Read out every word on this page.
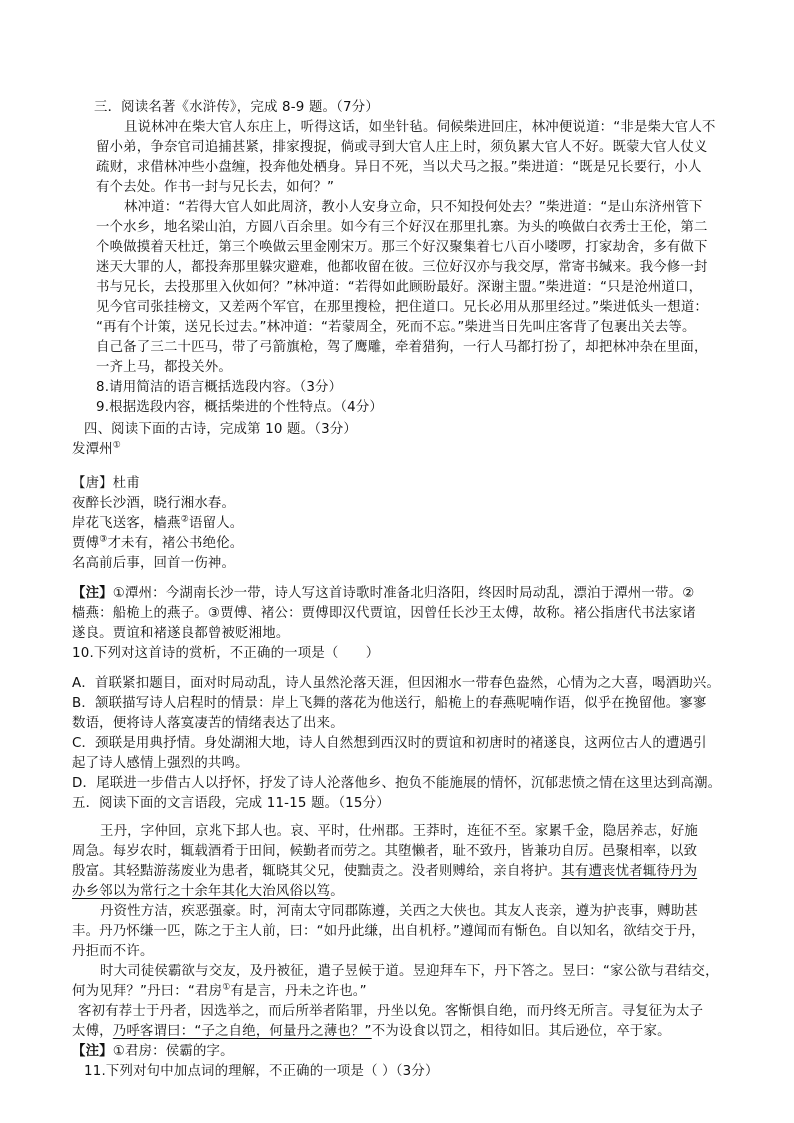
三．阅读名著《水浒传》，完成 8-9 题。（7分）
且说林冲在柴大官人东庄上，听得这话，如坐针毡。伺候柴进回庄，林冲便说道：“非是柴大官人不
留小弟，争奈官司追捕甚紧，排家搜捉，倘或寻到大官人庄上时，须负累大官人不好。既蒙大官人仗义
疏财，求借林冲些小盘缠，投奔他处栖身。异日不死，当以犬马之报。”柴进道：“既是兄长要行，小人
有个去处。作书一封与兄长去，如何？”
林冲道：“若得大官人如此周济，教小人安身立命，只不知投何处去？”柴进道：“是山东济州管下
一个水乡，地名梁山泊，方圆八百余里。如今有三个好汉在那里扎寨。为头的唤做白衣秀士王伦，第二
个唤做摸着天杜迁，第三个唤做云里金刚宋万。那三个好汉聚集着七八百小喽啰，打家劫舍，多有做下
迷天大罪的人，都投奔那里躲灾避难，他都收留在彼。三位好汉亦与我交厚，常寄书缄来。我今修一封
书与兄长，去投那里入伙如何？”林冲道：“若得如此顾盼最好。深谢主盟。”柴进道：“只是沧州道口，
见今官司张挂榜文，又差两个军官，在那里搜检，把住道口。兄长必用从那里经过。”柴进低头一想道：
“再有个计策，送兄长过去。”林冲道：“若蒙周全，死而不忘。”柴进当日先叫庄客背了包裹出关去等。
自己备了三二十匹马，带了弓箭旗枪，驾了鹰雕，牵着猎狗，一行人马都打扮了，却把林冲杂在里面，
一齐上马，都投关外。
8.请用简洁的语言概括选段内容。（3分）
9.根据选段内容，概括柴进的个性特点。（4分）
四、阅读下面的古诗，完成第 10 题。（3分）
发潭州①
【唐】杜甫
夜醉长沙酒，晓行湘水春。
岸花飞送客，樯燕②语留人。
贾傅③才未有，褚公书绝伦。
名高前后事，回首一伤神。
【注】①潭州：今湖南长沙一带，诗人写这首诗歌时准备北归洛阳，终因时局动乱，漂泊于潭州一带。②
樯燕：船桅上的燕子。③贾傅、褚公：贾傅即汉代贾谊，因曾任长沙王太傅，故称。褚公指唐代书法家诸
遂良。贾谊和褚遂良都曾被贬湘地。
10.下列对这首诗的赏析，不正确的一项是（　　）
A．首联紧扣题目，面对时局动乱，诗人虽然沦落天涯，但因湘水一带春色盎然，心情为之大喜，喝酒助兴。
B．颔联描写诗人启程时的情景：岸上飞舞的落花为他送行，船桅上的春燕呢喃作语，似乎在挽留他。寥寥
数语，便将诗人落寞凄苦的情绪表达了出来。
C．颈联是用典抒情。身处湖湘大地，诗人自然想到西汉时的贾谊和初唐时的褚遂良，这两位古人的遭遇引
起了诗人感情上强烈的共鸣。
D．尾联进一步借古人以抒怀，抒发了诗人沦落他乡、抱负不能施展的情怀，沉郁悲愤之情在这里达到高潮。
五．阅读下面的文言语段，完成 11-15 题。（15分）
王丹，字仲回，京兆下邽人也。哀、平时，仕州郡。王莽时，连征不至。家累千金，隐居养志，好施
周急。每岁农时，辄载酒肴于田间，候勤者而劳之。其堕懒者，耻不致丹，皆兼功自厉。邑聚相率，以致
殷富。其轻黠游荡废业为患者，辄晓其父兄，使黜责之。没者则赙给，亲自将护。其有遭丧忧者辄待丹为
办乡邻以为常行之十余年其化大治风俗以笃。
丹资性方洁，疾恶强豪。时，河南太守同郡陈遵，关西之大侠也。其友人丧亲，遵为护丧事，赙助甚
丰。丹乃怀缣一匹，陈之于主人前，曰：“如丹此缣，出自机杼。”遵闻而有惭色。自以知名，欲结交于丹，
丹拒而不许。
时大司徒侯霸欲与交友，及丹被征，遣子昱候于道。昱迎拜车下，丹下答之。昱曰：“家公欲与君结交，
何为见拜？”丹曰：“君房①有是言，丹未之许也。”
客初有荐士于丹者，因选举之，而后所举者陷罪，丹坐以免。客惭惧自绝，而丹终无所言。寻复征为太子
太傅，乃呼客谓曰：“子之自绝，何量丹之薄也？”不为设食以罚之，相待如旧。其后逊位，卒于家。
【注】①君房：侯霸的字。
11.下列对句中加点词的理解，不正确的一项是（ ）（3分）
